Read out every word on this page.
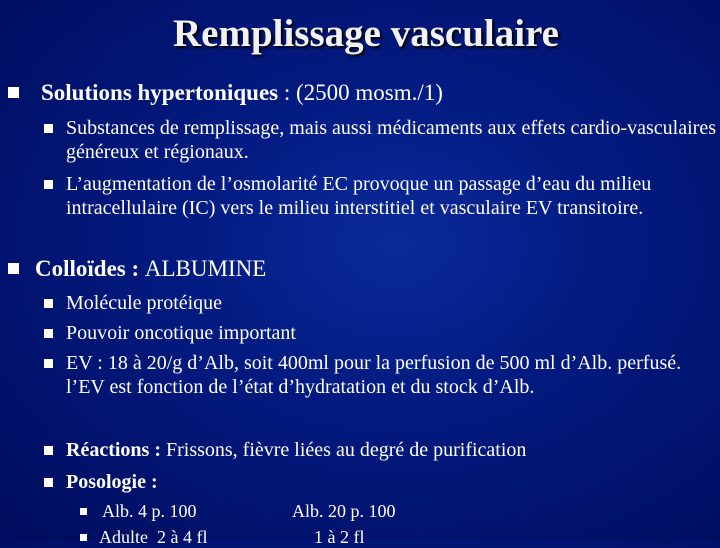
Remplissage vasculaire
Solutions hypertoniques : (2500 mosm./1)
Substances de remplissage, mais aussi médicaments aux effets cardio-vasculaires généreux et régionaux.
L’augmentation de l’osmolarité EC provoque un passage d’eau du milieu intracellulaire (IC) vers le milieu interstitiel et vasculaire EV transitoire.
Colloïdes : ALBUMINE
Molécule protéique
Pouvoir oncotique important
EV : 18 à 20/g d’Alb, soit 400ml pour la perfusion de 500 ml d’Alb. perfusé. l’EV est fonction de l’état d’hydratation et du stock d’Alb.
Réactions : Frissons, fièvre liées au degré de purification
Posologie :
Alb. 4 p. 100	Alb. 20 p. 100
Adulte  2 à 4 fl	1 à 2 fl
